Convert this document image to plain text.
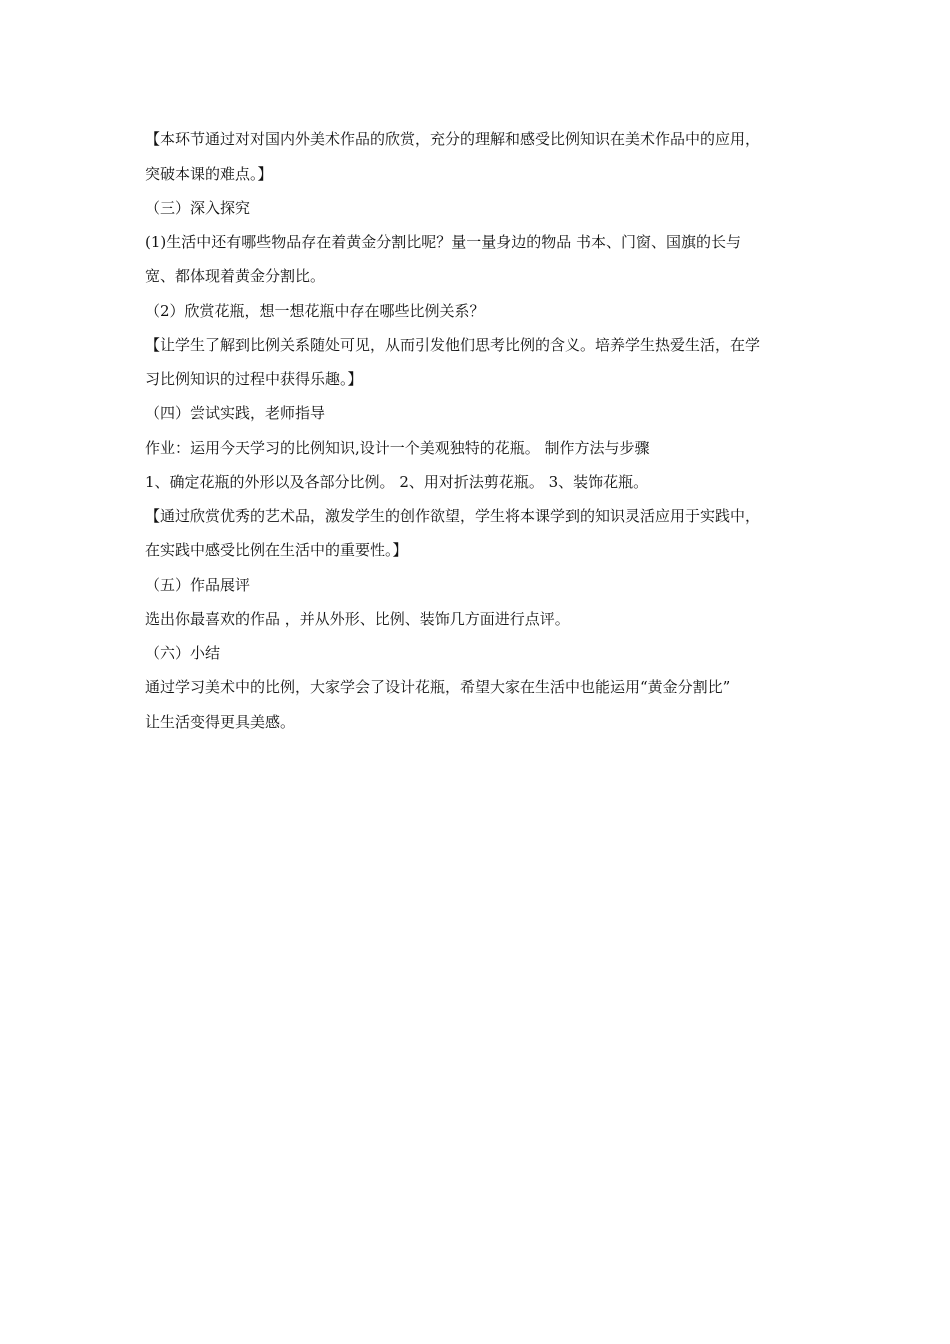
【本环节通过对对国内外美术作品的欣赏，充分的理解和感受比例知识在美术作品中的应用，
突破本课的难点。】
（三）深入探究
(1)生活中还有哪些物品存在着黄金分割比呢？量一量身边的物品 书本、门窗、国旗的长与
宽、都体现着黄金分割比。
（2）欣赏花瓶，想一想花瓶中存在哪些比例关系？
【让学生了解到比例关系随处可见，从而引发他们思考比例的含义。培养学生热爱生活，在学
习比例知识的过程中获得乐趣。】
（四）尝试实践，老师指导
作业：运用今天学习的比例知识,设计一个美观独特的花瓶。 制作方法与步骤
1、确定花瓶的外形以及各部分比例。 2、用对折法剪花瓶。 3、装饰花瓶。
【通过欣赏优秀的艺术品，激发学生的创作欲望，学生将本课学到的知识灵活应用于实践中，
在实践中感受比例在生活中的重要性。】
（五）作品展评
选出你最喜欢的作品 ，并从外形、比例、装饰几方面进行点评。
（六）小结
通过学习美术中的比例，大家学会了设计花瓶，希望大家在生活中也能运用“黄金分割比”
让生活变得更具美感。
